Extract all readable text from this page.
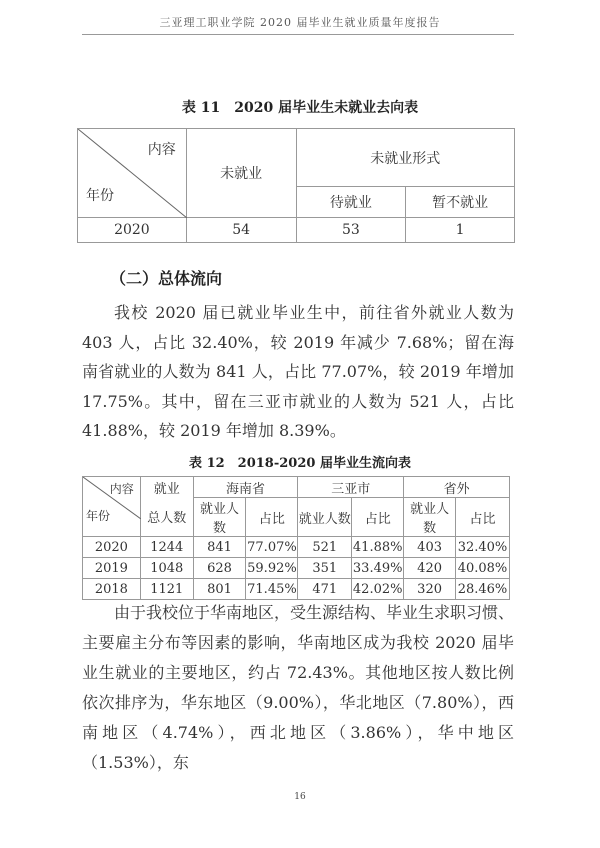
三亚理工职业学院 2020 届毕业生就业质量年度报告
表 11　2020 届毕业生未就业去向表
内容
年份	未就业	未就业形式	
		待就业	暂不就业
2020	54	53	1
（二）总体流向
我校 2020 届已就业毕业生中，前往省外就业人数为 403 人，占比 32.40%，较 2019 年减少 7.68%；留在海南省就业的人数为 841 人，占比 77.07%，较 2019 年增加 17.75%。其中，留在三亚市就业的人数为 521 人，占比 41.88%，较 2019 年增加 8.39%。
表 12　2018-2020 届毕业生流向表
内容
年份	就业	海南省		三亚市		省外	
	总人数	就业人数	占比	就业人数	占比	就业人数	占比
2020	1244	841	77.07%	521	41.88%	403	32.40%
2019	1048	628	59.92%	351	33.49%	420	40.08%
2018	1121	801	71.45%	471	42.02%	320	28.46%
由于我校位于华南地区，受生源结构、毕业生求职习惯、主要雇主分布等因素的影响，华南地区成为我校 2020 届毕业生就业的主要地区，约占 72.43%。其他地区按人数比例依次排序为，华东地区（9.00%），华北地区（7.80%），西南地区（4.74%），西北地区（3.86%），华中地区（1.53%），东
16
